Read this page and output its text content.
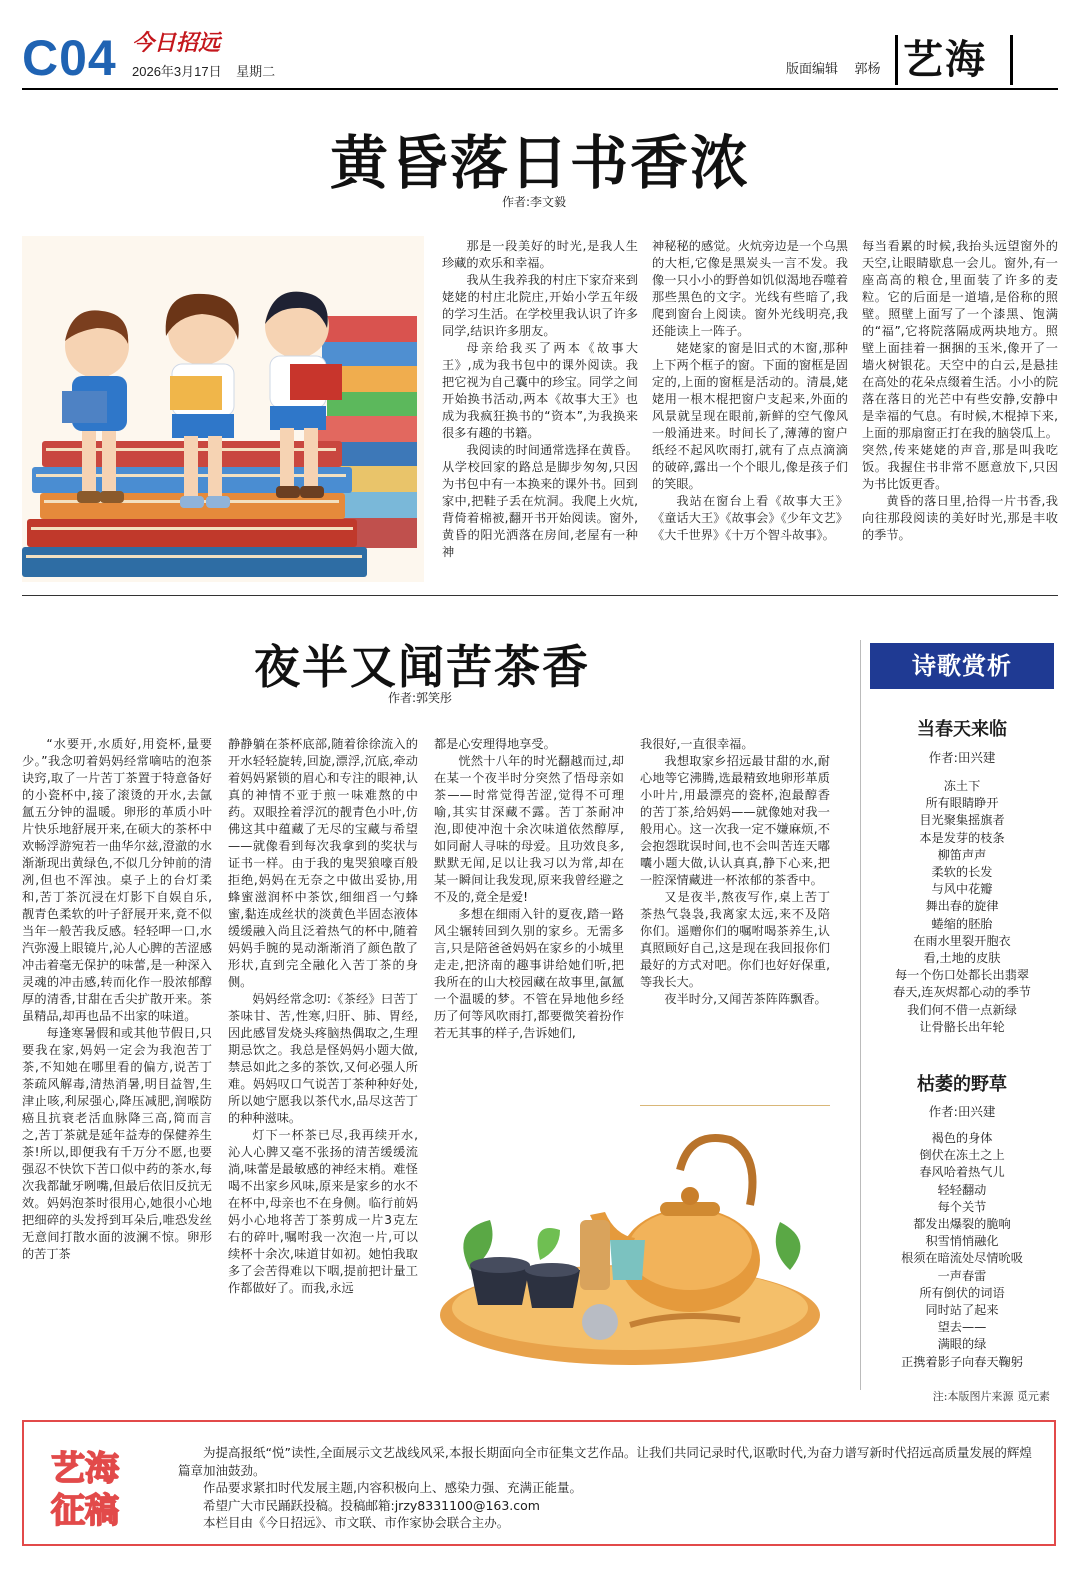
C04 今日招远
2026年3月17日 星期二	版面编辑 郭杨 艺海
黄昏落日书香浓
作者:李文毅

那是一段美好的时光,是我人生珍藏的欢乐和幸福。

我从生我养我的村庄下家夼来到姥姥的村庄北院庄,开始小学五年级的学习生活。在学校里我认识了许多同学,结识许多朋友。

母亲给我买了两本《故事大王》,成为我书包中的课外阅读。我把它视为自己囊中的珍宝。同学之间开始换书活动,两本《故事大王》也成为我疯狂换书的“资本”,为我换来很多有趣的书籍。

我阅读的时间通常选择在黄昏。从学校回家的路总是脚步匆匆,只因为书包中有一本换来的课外书。回到家中,把鞋子丢在炕洞。我爬上火炕,背倚着棉被,翻开书开始阅读。窗外,黄昏的阳光洒落在房间,老屋有一种神

神秘秘的感觉。火炕旁边是一个乌黑的大柜,它像是黑炭头一言不发。我像一只小小的野兽如饥似渴地吞噬着那些黑色的文字。光线有些暗了,我爬到窗台上阅读。窗外光线明亮,我还能读上一阵子。

姥姥家的窗是旧式的木窗,那种上下两个框子的窗。下面的窗框是固定的,上面的窗框是活动的。清晨,姥姥用一根木棍把窗户支起来,外面的风景就呈现在眼前,新鲜的空气像风一般涌进来。时间长了,薄薄的窗户纸经不起风吹雨打,就有了点点滴滴的破碎,露出一个个眼儿,像是孩子们的笑眼。

我站在窗台上看《故事大王》《童话大王》《故事会》《少年文艺》《大千世界》《十万个智斗故事》。

每当看累的时候,我抬头远望窗外的天空,让眼睛歇息一会儿。窗外,有一座高高的粮仓,里面装了许多的麦粒。它的后面是一道墙,是俗称的照壁。照壁上面写了一个漆黑、饱满的“福”,它将院落隔成两块地方。照壁上面挂着一捆捆的玉米,像开了一墙火树银花。天空中的白云,是悬挂在高处的花朵点缀着生活。小小的院落在落日的光芒中有些安静,安静中是幸福的气息。有时候,木棍掉下来,上面的那扇窗正打在我的脑袋瓜上。突然,传来姥姥的声音,那是叫我吃饭。我握住书非常不愿意放下,只因为书比饭更香。

黄昏的落日里,拾得一片书香,我向往那段阅读的美好时光,那是丰收的季节。

夜半又闻苦茶香
作者:郭笑彤

“水要开,水质好,用瓷杯,量要少。”我念叨着妈妈经常嘀咕的泡茶诀窍,取了一片苦丁茶置于特意备好的小瓷杯中,接了滚烫的开水,去氤氲五分钟的温暖。卵形的革质小叶片快乐地舒展开来,在硕大的茶杯中欢畅浮游宛若一曲华尔兹,澄澈的水渐渐现出黄绿色,不似几分钟前的清冽,但也不浑浊。桌子上的台灯柔和,苦丁茶沉浸在灯影下自娱自乐,靓青色柔软的叶子舒展开来,竟不似当年一般苦我反感。轻轻呷一口,水汽弥漫上眼镜片,沁人心脾的苦涩感冲击着毫无保护的味蕾,是一种深入灵魂的冲击感,转而化作一股浓郁醇厚的清香,甘甜在舌尖扩散开来。茶虽精品,却再也品不出家的味道。

每逢寒暑假和或其他节假日,只要我在家,妈妈一定会为我泡苦丁茶,不知她在哪里看的偏方,说苦丁茶疏风解毒,清热消暑,明目益智,生津止咳,利尿强心,降压减肥,润喉防癌且抗衰老活血脉降三高,简而言之,苦丁茶就是延年益寿的保健养生茶!所以,即便我有千万分不愿,也要强忍不快饮下苦口似中药的茶水,每次我都龇牙咧嘴,但最后依旧反抗无效。妈妈泡茶时很用心,她很小心地把细碎的头发捋到耳朵后,唯恐发丝无意间打散水面的波澜不惊。卵形的苦丁茶

静静躺在茶杯底部,随着徐徐流入的开水轻轻旋转,回旋,漂浮,沉底,牵动着妈妈紧锁的眉心和专注的眼神,认真的神情不亚于煎一味难熬的中药。双眼拴着浮沉的靓青色小叶,仿佛这其中蕴藏了无尽的宝藏与希望——就像看到每次我拿到的奖状与证书一样。由于我的鬼哭狼嚎百般拒绝,妈妈在无奈之中做出妥协,用蜂蜜滋润杯中茶饮,细细舀一勺蜂蜜,黏连成丝状的淡黄色半固态液体缓缓融入尚且泛着热气的杯中,随着妈妈手腕的晃动渐渐消了颜色散了形状,直到完全融化入苦丁茶的身侧。

妈妈经常念叨:《茶经》曰苦丁茶味甘、苦,性寒,归肝、肺、胃经,因此感冒发烧头疼脑热偶取之,生理期忌饮之。我总是怪妈妈小题大做,禁忌如此之多的茶饮,又何必强人所难。妈妈叹口气说苦丁茶种种好处,所以她宁愿我以茶代水,品尽这苦丁的种种滋味。

灯下一杯茶已尽,我再续开水,沁人心脾又毫不张扬的清苦缓缓流淌,味蕾是最敏感的神经末梢。难怪喝不出家乡风味,原来是家乡的水不在杯中,母亲也不在身侧。临行前妈妈小心地将苦丁茶剪成一片3克左右的碎叶,嘱咐我一次泡一片,可以续杯十余次,味道甘如初。她怕我取多了会苦得难以下咽,提前把计量工作都做好了。而我,永远

都是心安理得地享受。

恍然十八年的时光翻越而过,却在某一个夜半时分突然了悟母亲如茶——时常觉得苦涩,觉得不可理喻,其实甘深藏不露。苦丁茶耐冲泡,即使冲泡十余次味道依然醇厚,如同耐人寻味的母爱。且功效良多,默默无闻,足以让我习以为常,却在某一瞬间让我发现,原来我曾经避之不及的,竟全是爱!

多想在细雨入针的夏夜,踏一路风尘辗转回到久别的家乡。无需多言,只是陪爸爸妈妈在家乡的小城里走走,把济南的趣事讲给她们听,把我所在的山大校园藏在故事里,氤氲一个温暖的梦。不管在异地他乡经历了何等风吹雨打,都要微笑着扮作若无其事的样子,告诉她们,

我很好,一直很幸福。

我想取家乡招远最甘甜的水,耐心地等它沸腾,选最精致地卵形革质小叶片,用最漂亮的瓷杯,泡最醇香的苦丁茶,给妈妈——就像她对我一般用心。这一次我一定不嫌麻烦,不会抱怨耽误时间,也不会叫苦连天嘟囔小题大做,认认真真,静下心来,把一腔深情藏进一杯浓郁的茶香中。

又是夜半,熬夜写作,桌上苦丁茶热气袅袅,我离家太远,来不及陪你们。遥赠你们的嘱咐喝茶养生,认真照顾好自己,这是现在我回报你们最好的方式对吧。你们也好好保重,等我长大。

夜半时分,又闻苦茶阵阵飘香。

诗歌赏析
当春天来临
作者:田兴建
冻土下
所有眼睛睁开
目光聚集摇旗者
本是发芽的枝条
柳笛声声
柔软的长发
与风中花瓣
舞出春的旋律
蜷缩的胚胎
在雨水里裂开胞衣
看,土地的皮肤
每一个伤口处都长出翡翠
春天,连灰烬都心动的季节
我们何不借一点新绿
让骨骼长出年轮
枯萎的野草
作者:田兴建
褐色的身体
倒伏在冻土之上
春风哈着热气儿
轻轻翻动
每个关节
都发出爆裂的脆响
积雪悄悄融化
根须在暗流处尽情吮吸
一声春雷
所有倒伏的词语
同时站了起来
望去——
满眼的绿
正携着影子向春天鞠躬
注:本版图片来源 觅元素
艺海
征稿

为提高报纸“悦”读性,全面展示文艺战线风采,本报长期面向全市征集文艺作品。让我们共同记录时代,讴歌时代,为奋力谱写新时代招远高质量发展的辉煌篇章加油鼓劲。

作品要求紧扣时代发展主题,内容积极向上、感染力强、充满正能量。

希望广大市民踊跃投稿。投稿邮箱:jrzy8331100@163.com

本栏目由《今日招远》、市文联、市作家协会联合主办。
